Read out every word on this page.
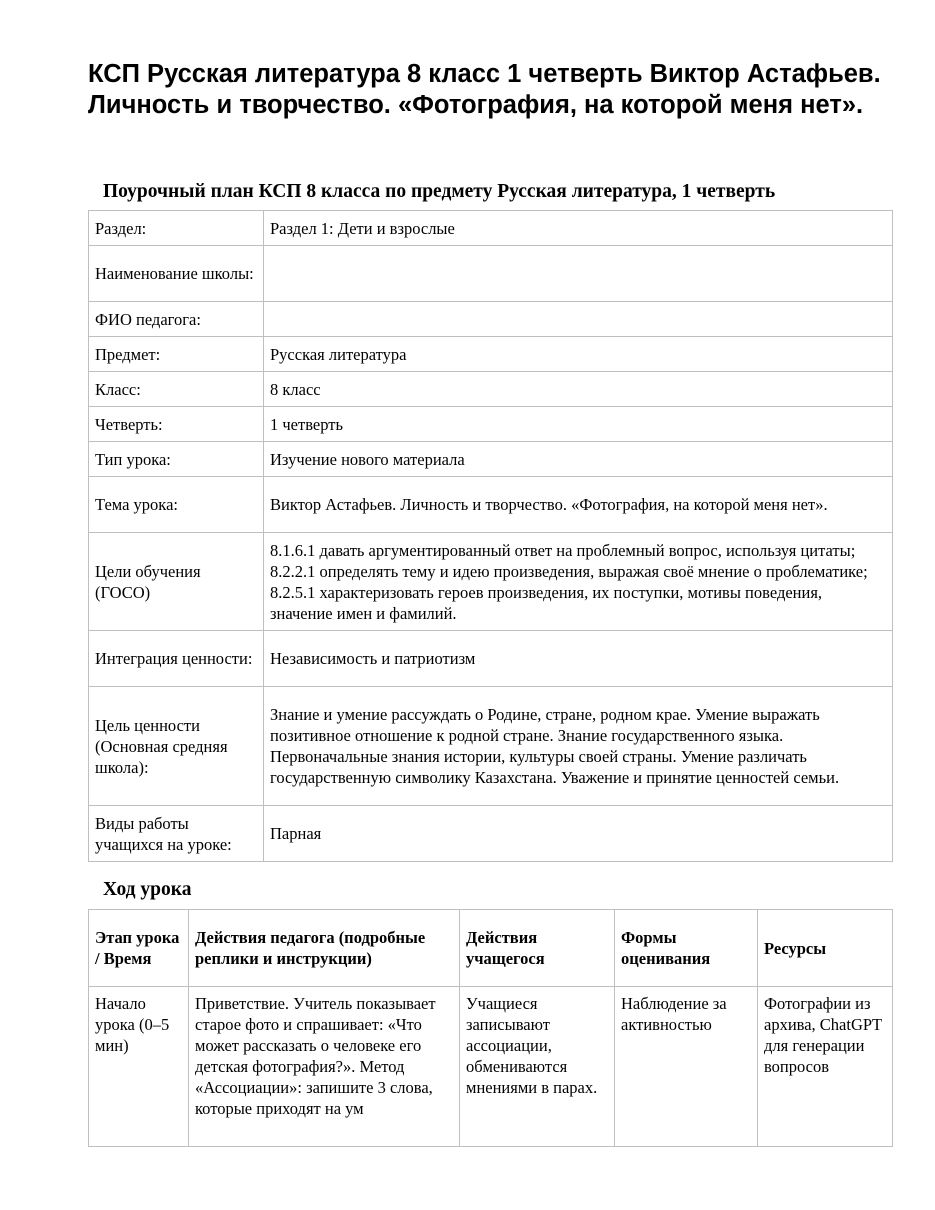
КСП Русская литература 8 класс 1 четверть Виктор Астафьев. Личность и творчество. «Фотография, на которой меня нет».
Поурочный план КСП 8 класса по предмету Русская литература, 1 четверть
Раздел:	Раздел 1: Дети и взрослые
Наименование школы:	
ФИО педагога:	
Предмет:	Русская литература
Класс:	8 класс
Четверть:	1 четверть
Тип урока:	Изучение нового материала
Тема урока:	Виктор Астафьев. Личность и творчество. «Фотография, на которой меня нет».
Цели обучения (ГОСО)	8.1.6.1 давать аргументированный ответ на проблемный вопрос, используя цитаты; 8.2.2.1 определять тему и идею произведения, выражая своё мнение о проблематике; 8.2.5.1 характеризовать героев произведения, их поступки, мотивы поведения, значение имен и фамилий.
Интеграция ценности:	Независимость и патриотизм
Цель ценности (Основная средняя школа):	Знание и умение рассуждать о Родине, стране, родном крае. Умение выражать позитивное отношение к родной стране. Знание государственного языка. Первоначальные знания истории, культуры своей страны. Умение различать государственную символику Казахстана. Уважение и принятие ценностей семьи.
Виды работы учащихся на уроке:	Парная
Ход урока
Этап урока / Время	Действия педагога (подробные реплики и инструкции)	Действия учащегося	Формы оценивания	Ресурсы
Начало урока (0–5 мин)	Приветствие. Учитель показывает старое фото и спрашивает: «Что может рассказать о человеке его детская фотография?». Метод «Ассоциации»: запишите 3 слова, которые приходят на ум	Учащиеся записывают ассоциации, обмениваются мнениями в парах.	Наблюдение за активностью	Фотографии из архива, ChatGPT для генерации вопросов
